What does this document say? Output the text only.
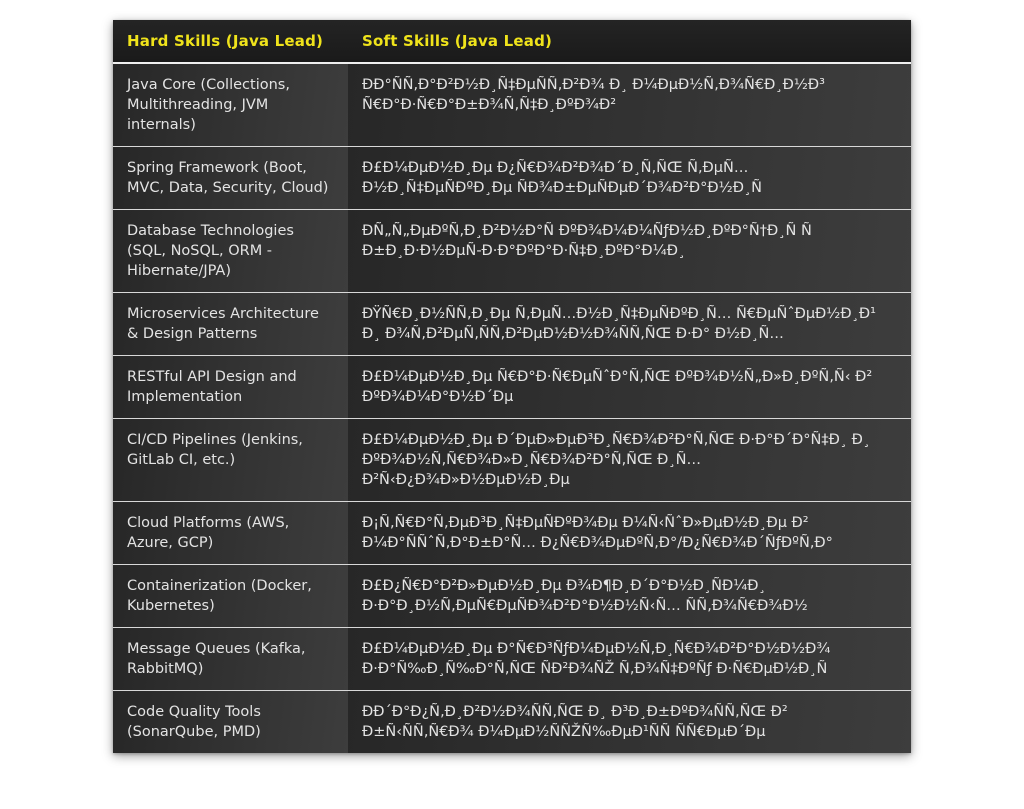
Hard Skills (Java Lead)	Soft Skills (Java Lead)
Java Core (Collections, Multithreading, JVM internals)	ÐÐ°ÑÑ‚Ð°Ð²Ð½Ð¸Ñ‡ÐµÑÑ‚Ð²Ð¾ Ð¸ Ð¼ÐµÐ½Ñ‚Ð¾Ñ€Ð¸Ð½Ð³ Ñ€Ð°Ð·Ñ€Ð°Ð±Ð¾Ñ‚Ñ‡Ð¸ÐºÐ¾Ð²
Spring Framework (Boot, MVC, Data, Security, Cloud)	Ð£Ð¼ÐµÐ½Ð¸Ðµ Ð¿Ñ€Ð¾Ð²Ð¾Ð´Ð¸Ñ‚ÑŒ Ñ‚ÐµÑ…Ð½Ð¸Ñ‡ÐµÑÐºÐ¸Ðµ ÑÐ¾Ð±ÐµÑÐµÐ´Ð¾Ð²Ð°Ð½Ð¸Ñ
Database Technologies (SQL, NoSQL, ORM - Hibernate/JPA)	ÐÑ„Ñ„ÐµÐºÑ‚Ð¸Ð²Ð½Ð°Ñ ÐºÐ¾Ð¼Ð¼ÑƒÐ½Ð¸ÐºÐ°Ñ†Ð¸Ñ Ñ Ð±Ð¸Ð·Ð½ÐµÑ-Ð·Ð°ÐºÐ°Ð·Ñ‡Ð¸ÐºÐ°Ð¼Ð¸
Microservices Architecture & Design Patterns	ÐŸÑ€Ð¸Ð½ÑÑ‚Ð¸Ðµ Ñ‚ÐµÑ…Ð½Ð¸Ñ‡ÐµÑÐºÐ¸Ñ… Ñ€ÐµÑˆÐµÐ½Ð¸Ð¹ Ð¸ Ð¾Ñ‚Ð²ÐµÑ‚ÑÑ‚Ð²ÐµÐ½Ð½Ð¾ÑÑ‚ÑŒ Ð·Ð° Ð½Ð¸Ñ…
RESTful API Design and Implementation	Ð£Ð¼ÐµÐ½Ð¸Ðµ Ñ€Ð°Ð·Ñ€ÐµÑˆÐ°Ñ‚ÑŒ ÐºÐ¾Ð½Ñ„Ð»Ð¸ÐºÑ‚Ñ‹ Ð² ÐºÐ¾Ð¼Ð°Ð½Ð´Ðµ
CI/CD Pipelines (Jenkins, GitLab CI, etc.)	Ð£Ð¼ÐµÐ½Ð¸Ðµ Ð´ÐµÐ»ÐµÐ³Ð¸Ñ€Ð¾Ð²Ð°Ñ‚ÑŒ Ð·Ð°Ð´Ð°Ñ‡Ð¸ Ð¸ ÐºÐ¾Ð½Ñ‚Ñ€Ð¾Ð»Ð¸Ñ€Ð¾Ð²Ð°Ñ‚ÑŒ Ð¸Ñ… Ð²Ñ‹Ð¿Ð¾Ð»Ð½ÐµÐ½Ð¸Ðµ
Cloud Platforms (AWS, Azure, GCP)	Ð¡Ñ‚Ñ€Ð°Ñ‚ÐµÐ³Ð¸Ñ‡ÐµÑÐºÐ¾Ðµ Ð¼Ñ‹ÑˆÐ»ÐµÐ½Ð¸Ðµ Ð² Ð¼Ð°ÑÑˆÑ‚Ð°Ð±Ð°Ñ… Ð¿Ñ€Ð¾ÐµÐºÑ‚Ð°/Ð¿Ñ€Ð¾Ð´ÑƒÐºÑ‚Ð°
Containerization (Docker, Kubernetes)	Ð£Ð¿Ñ€Ð°Ð²Ð»ÐµÐ½Ð¸Ðµ Ð¾Ð¶Ð¸Ð´Ð°Ð½Ð¸ÑÐ¼Ð¸ Ð·Ð°Ð¸Ð½Ñ‚ÐµÑ€ÐµÑÐ¾Ð²Ð°Ð½Ð½Ñ‹Ñ… ÑÑ‚Ð¾Ñ€Ð¾Ð½
Message Queues (Kafka, RabbitMQ)	Ð£Ð¼ÐµÐ½Ð¸Ðµ Ð°Ñ€Ð³ÑƒÐ¼ÐµÐ½Ñ‚Ð¸Ñ€Ð¾Ð²Ð°Ð½Ð½Ð¾ Ð·Ð°Ñ‰Ð¸Ñ‰Ð°Ñ‚ÑŒ ÑÐ²Ð¾ÑŽ Ñ‚Ð¾Ñ‡ÐºÑƒ Ð·Ñ€ÐµÐ½Ð¸Ñ
Code Quality Tools (SonarQube, PMD)	ÐÐ´Ð°Ð¿Ñ‚Ð¸Ð²Ð½Ð¾ÑÑ‚ÑŒ Ð¸ Ð³Ð¸Ð±ÐºÐ¾ÑÑ‚ÑŒ Ð² Ð±Ñ‹ÑÑ‚Ñ€Ð¾ Ð¼ÐµÐ½ÑÑŽÑ‰ÐµÐ¹ÑÑ ÑÑ€ÐµÐ´Ðµ
